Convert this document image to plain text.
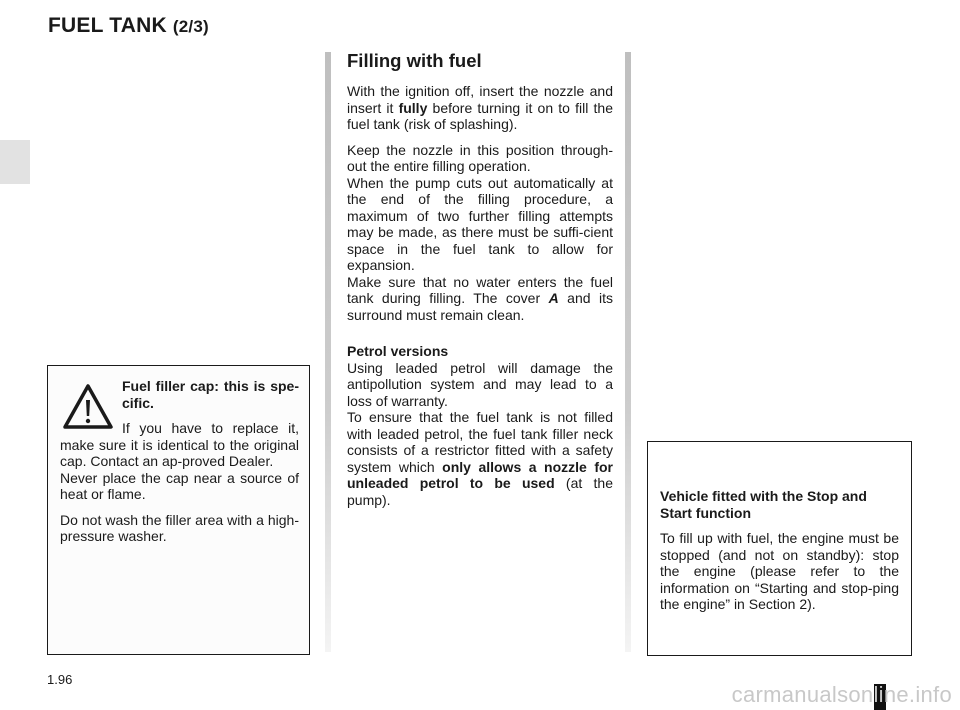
FUEL TANK (2/3)
Filling with fuel

With the ignition off, insert the nozzle and insert it fully before turning it on to fill the fuel tank (risk of splashing).

Keep the nozzle in this position through-out the entire filling operation.

When the pump cuts out automatically at the end of the filling procedure, a maximum of two further filling attempts may be made, as there must be suffi-cient space in the fuel tank to allow for expansion.

Make sure that no water enters the fuel tank during filling. The cover A and its surround must remain clean.

Petrol versions
Using leaded petrol will damage the antipollution system and may lead to a loss of warranty.

To ensure that the fuel tank is not filled with leaded petrol, the fuel tank filler neck consists of a restrictor fitted with a safety system which only allows a nozzle for unleaded petrol to be used (at the pump).

Fuel filler cap: this is spe-cific.

If you have to replace it, make sure it is identical to the original cap. Contact an ap-proved Dealer.

Never place the cap near a source of heat or flame.

Do not wash the filler area with a high-pressure washer.

Vehicle fitted with the Stop and Start function

To fill up with fuel, the engine must be stopped (and not on standby): stop the engine (please refer to the information on “Starting and stop-ping the engine” in Section 2).

1.96
carmanualsonline.info
